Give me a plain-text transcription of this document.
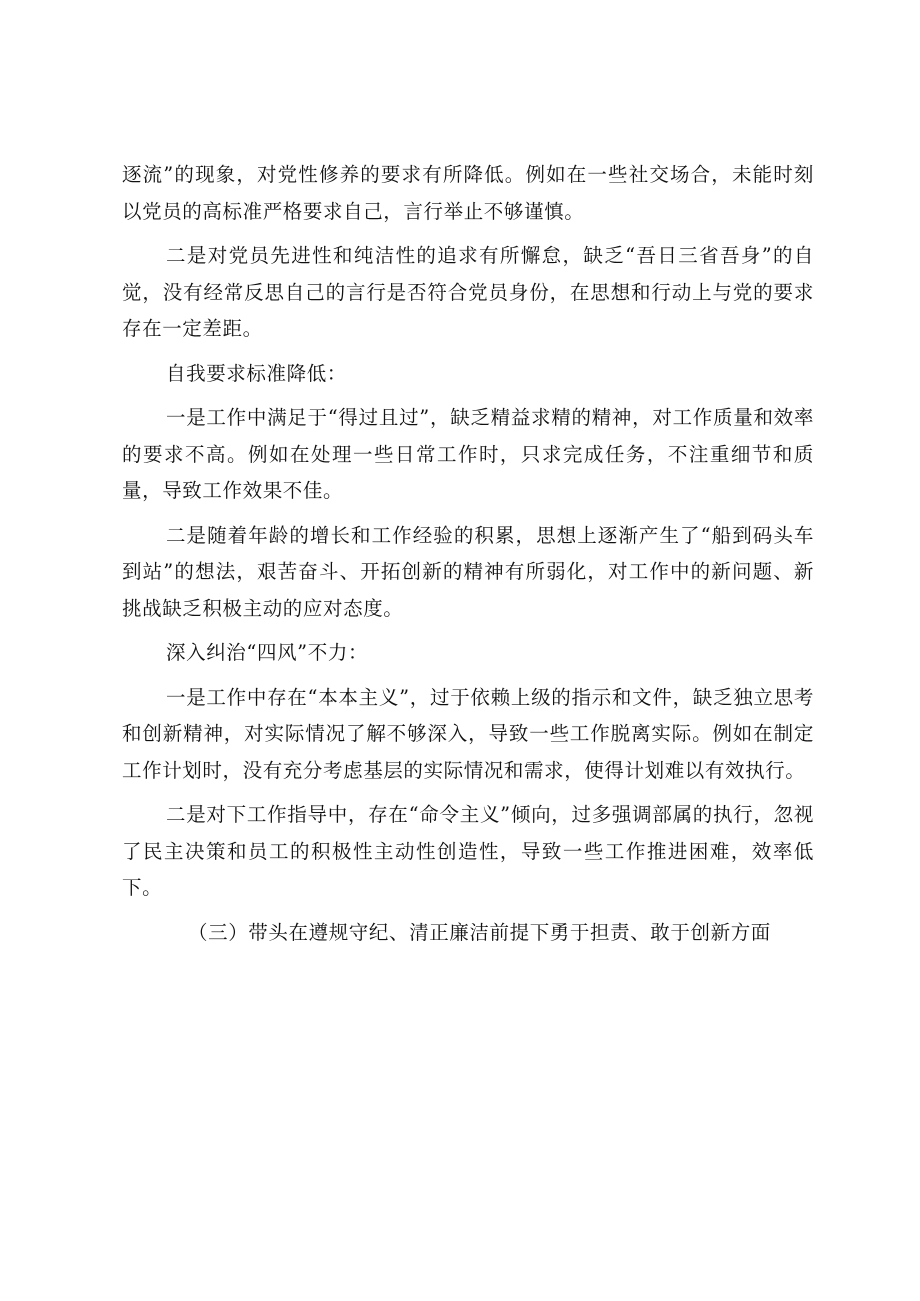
逐流”的现象，对党性修养的要求有所降低。例如在一些社交场合，未能时刻以党员的高标准严格要求自己，言行举止不够谨慎。

二是对党员先进性和纯洁性的追求有所懈怠，缺乏“吾日三省吾身”的自觉，没有经常反思自己的言行是否符合党员身份，在思想和行动上与党的要求存在一定差距。

自我要求标准降低：

一是工作中满足于“得过且过”，缺乏精益求精的精神，对工作质量和效率的要求不高。例如在处理一些日常工作时，只求完成任务，不注重细节和质量，导致工作效果不佳。

二是随着年龄的增长和工作经验的积累，思想上逐渐产生了“船到码头车到站”的想法，艰苦奋斗、开拓创新的精神有所弱化，对工作中的新问题、新挑战缺乏积极主动的应对态度。

深入纠治“四风”不力：

一是工作中存在“本本主义”，过于依赖上级的指示和文件，缺乏独立思考和创新精神，对实际情况了解不够深入，导致一些工作脱离实际。例如在制定工作计划时，没有充分考虑基层的实际情况和需求，使得计划难以有效执行。

二是对下工作指导中，存在“命令主义”倾向，过多强调部属的执行，忽视了民主决策和员工的积极性主动性创造性，导致一些工作推进困难，效率低下。

（三）带头在遵规守纪、清正廉洁前提下勇于担责、敢于创新方面
